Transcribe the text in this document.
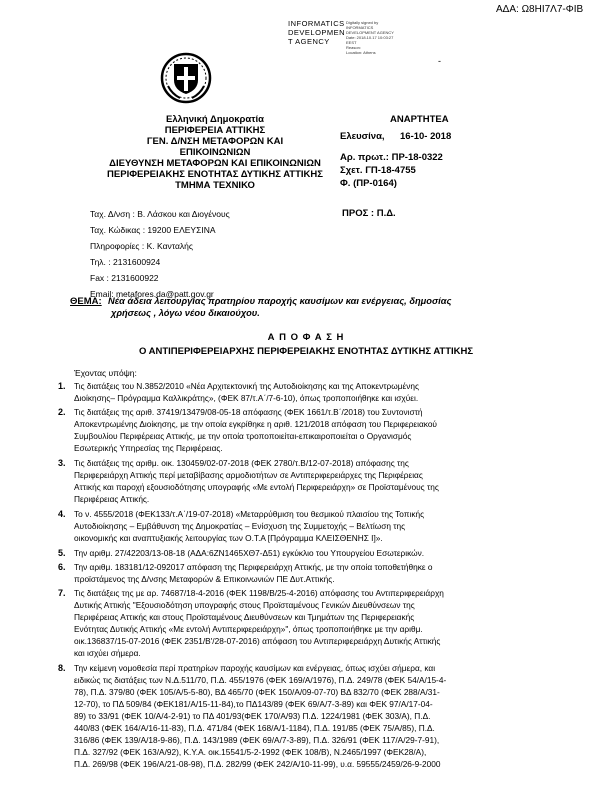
ΑΔΑ: Ω8ΗΙ7Λ7-ΦΙΒ
INFORMATICS
DEVELOPMEN
T AGENCY
Digitally signed by
INFORMATICS
DEVELOPMENT AGENCY
Date: 2018.10.17 10:03:27
EEST
Reason:
Location: Athens
-
Ελληνική Δημοκρατία
ΠΕΡΙΦΕΡΕΙΑ ΑΤΤΙΚΗΣ
ΓΕΝ. Δ/ΝΣΗ ΜΕΤΑΦΟΡΩΝ ΚΑΙ
ΕΠΙΚΟΙΝΩΝΙΩΝ
ΔΙΕΥΘΥΝΣΗ ΜΕΤΑΦΟΡΩΝ ΚΑΙ ΕΠΙΚΟΙΝΩΝΙΩΝ
ΠΕΡΙΦΕΡΕΙΑΚΗΣ ΕΝΟΤΗΤΑΣ ΔΥΤΙΚΗΣ ΑΤΤΙΚΗΣ
ΤΜΗΜΑ ΤΕΧΝΙΚΟ
ΑΝΑΡΤΗΤΕΑ
Ελευσίνα, 16-10- 2018
Αρ. πρωτ.: ΠΡ-18-0322
Σχετ. ΓΠ-18-4755
Φ. (ΠΡ-0164)
ΠΡΟΣ : Π.Δ.
Ταχ. Δ/νση : Β. Λάσκου και Διογένους
Ταχ. Κώδικας : 19200 ΕΛΕΥΣΙΝΑ
Πληροφορίες : Κ. Κανταλής
Τηλ. : 2131600924
Fax : 2131600922
Email: metafores.da@patt.gov.gr
ΘΕΜΑ: Νέα άδεια λειτουργίας πρατηρίου παροχής καυσίμων και ενέργειας, δημοσίας
χρήσεως , λόγω νέου δικαιούχου.
Α Π Ο Φ Α Σ Η
Ο ΑΝΤΙΠΕΡΙΦΕΡΕΙΑΡΧΗΣ ΠΕΡΙΦΕΡΕΙΑΚΗΣ ΕΝΟΤΗΤΑΣ ΔΥΤΙΚΗΣ ΑΤΤΙΚΗΣ
Έχοντας υπόψη:
1. Τις διατάξεις του Ν.3852/2010 «Νέα Αρχιτεκτονική της Αυτοδιοίκησης και της Αποκεντρωμένης
Διοίκησης– Πρόγραμμα Καλλικράτης», (ΦΕΚ 87/τ.Α΄/7-6-10), όπως τροποποιήθηκε και ισχύει.
2. Τις διατάξεις της αριθ. 37419/13479/08-05-18 απόφασης (ΦΕΚ 1661/τ.Β΄/2018) του Συντονιστή
Αποκεντρωμένης Διοίκησης, με την οποία εγκρίθηκε η αριθ. 121/2018 απόφαση του Περιφερειακού
Συμβουλίου Περιφέρειας Αττικής, με την οποία τροποποιείται-επικαιροποιείται ο Οργανισμός
Εσωτερικής Υπηρεσίας της Περιφέρειας.
3. Τις διατάξεις της αριθμ. οικ. 130459/02-07-2018 (ΦΕΚ 2780/τ.Β/12-07-2018) απόφασης της
Περιφερειάρχη Αττικής περί μεταβίβασης αρμοδιοτήτων σε Αντιπεριφερειάρχες της Περιφέρειας
Αττικής και παροχή εξουσιοδότησης υπογραφής «Με εντολή Περιφερειάρχη» σε Προϊσταμένους της
Περιφέρειας Αττικής.
4. Το ν. 4555/2018 (ΦΕΚ133/τ.Α΄/19-07-2018) «Μεταρρύθμιση του θεσμικού πλαισίου της Τοπικής
Αυτοδιοίκησης – Εμβάθυνση της Δημοκρατίας – Ενίσχυση της Συμμετοχής – Βελτίωση της
οικονομικής και αναπτυξιακής λειτουργίας των Ο.Τ.Α [Πρόγραμμα ΚΛΕΙΣΘΕΝΗΣ Ι]».
5. Την αριθμ. 27/42203/13-08-18 (ΑΔΑ:6ΖΝ1465ΧΘ7-Δ51) εγκύκλιο του Υπουργείου Εσωτερικών.
6. Την αριθμ. 183181/12-092017 απόφαση της Περιφερειάρχη Αττικής, με την οποία τοποθετήθηκε ο
προϊστάμενος της Δ/νσης Μεταφορών & Επικοινωνιών ΠΕ Δυτ.Αττικής.
7. Τις διατάξεις της με αρ. 74687/18-4-2016 (ΦΕΚ 1198/Β/25-4-2016) απόφασης του Αντιπεριφερειάρχη
Δυτικής Αττικής "Εξουσιοδότηση υπογραφής στους Προϊσταμένους Γενικών Διευθύνσεων της
Περιφέρειας Αττικής και στους Προϊσταμένους Διευθύνσεων και Τμημάτων της Περιφερειακής
Ενότητας Δυτικής Αττικής «Με εντολή Αντιπεριφερειάρχη»", όπως τροποποιήθηκε με την αριθμ.
οικ.136837/15-07-2016 (ΦΕΚ 2351/Β'/28-07-2016) απόφαση του Αντιπεριφερειάρχη Δυτικής Αττικής
και ισχύει σήμερα.
8. Την κείμενη νομοθεσία περί πρατηρίων παροχής καυσίμων και ενέργειας, όπως ισχύει σήμερα, και
ειδικώς τις διατάξεις των Ν.Δ.511/70, Π.Δ. 455/1976 (ΦΕΚ 169/Α/1976), Π.Δ. 249/78 (ΦΕΚ 54/Α/15-4-
78), Π.Δ. 379/80 (ΦΕΚ 105/Α/5-5-80), ΒΔ 465/70 (ΦΕΚ 150/Α/09-07-70) ΒΔ 832/70 (ΦΕΚ 288/Α/31-
12-70), το ΠΔ 509/84 (ΦΕΚ181/Α/15-11-84),το ΠΔ143/89 (ΦΕΚ 69/Α/7-3-89) και ΦΕΚ 97/Α/17-04-
89) το 33/91 (ΦΕΚ 10/Α/4-2-91) το ΠΔ 401/93(ΦΕΚ 170/Α/93) Π.Δ. 1224/1981 (ΦΕΚ 303/Α), Π.Δ.
440/83 (ΦΕΚ 164/Α/16-11-83), Π.Δ. 471/84 (ΦΕΚ 168/Α/1-1184), Π.Δ. 191/85 (ΦΕΚ 75/Α/85), Π.Δ.
316/86 (ΦΕΚ 139/Α/18-9-86), Π.Δ. 143/1989 (ΦΕΚ 69/Α/7-3-89), Π.Δ. 326/91 (ΦΕΚ 117/Α/29-7-91),
Π.Δ. 327/92 (ΦΕΚ 163/Α/92), Κ.Υ.Α. οικ.15541/5-2-1992 (ΦΕΚ 108/Β), Ν.2465/1997 (ΦΕΚ28/Α),
Π.Δ. 269/98 (ΦΕΚ 196/Α/21-08-98), Π.Δ. 282/99 (ΦΕΚ 242/Α/10-11-99), υ.α. 59555/2459/26-9-2000
